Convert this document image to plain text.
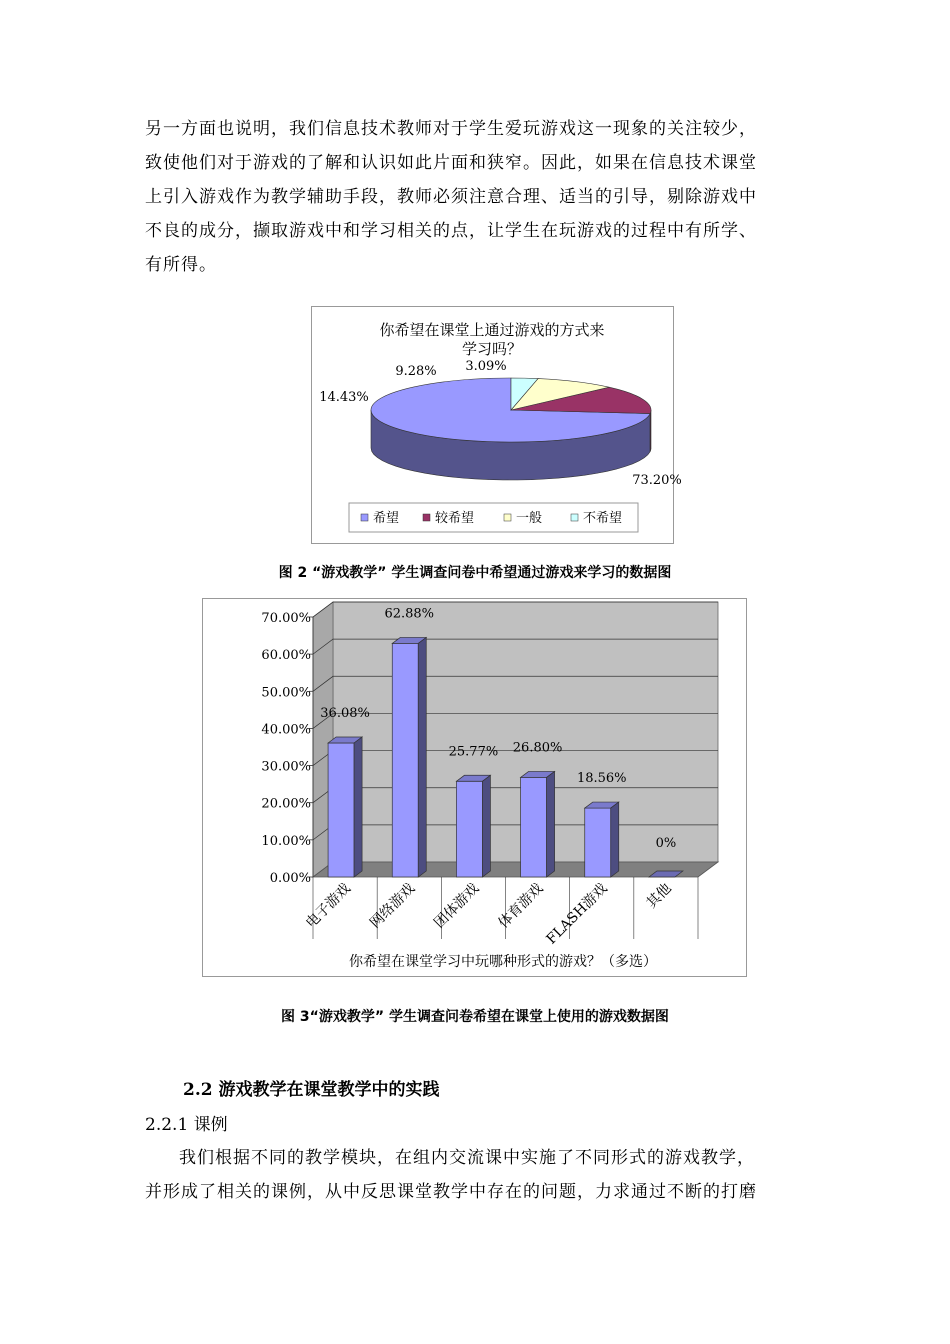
另一方面也说明，我们信息技术教师对于学生爱玩游戏这一现象的关注较少，

致使他们对于游戏的了解和认识如此片面和狭窄。因此，如果在信息技术课堂

上引入游戏作为教学辅助手段，教师必须注意合理、适当的引导，剔除游戏中

不良的成分，撷取游戏中和学习相关的点，让学生在玩游戏的过程中有所学、

有所得。

你希望在课堂上通过游戏的方式来
学习吗？
73.20%
14.43%
9.28% 3.09%
希望	较希望	一般	不希望
图 2 “游戏教学” 学生调查问卷中希望通过游戏来学习的数据图
0.00%
10.00%
20.00%
30.00%
40.00%
50.00%
60.00%
70.00%
36.08%
62.88%
25.77% 26.80%
18.56%
0%
电子游戏 网络游戏 团体游戏 体育游戏
FLASH游戏 其他
你希望在课堂学习中玩哪种形式的游戏？（多选）
图 3“游戏教学” 学生调查问卷希望在课堂上使用的游戏数据图
2.2 游戏教学在课堂教学中的实践
2.2.1 课例

我们根据不同的教学模块，在组内交流课中实施了不同形式的游戏教学，

并形成了相关的课例，从中反思课堂教学中存在的问题，力求通过不断的打磨
